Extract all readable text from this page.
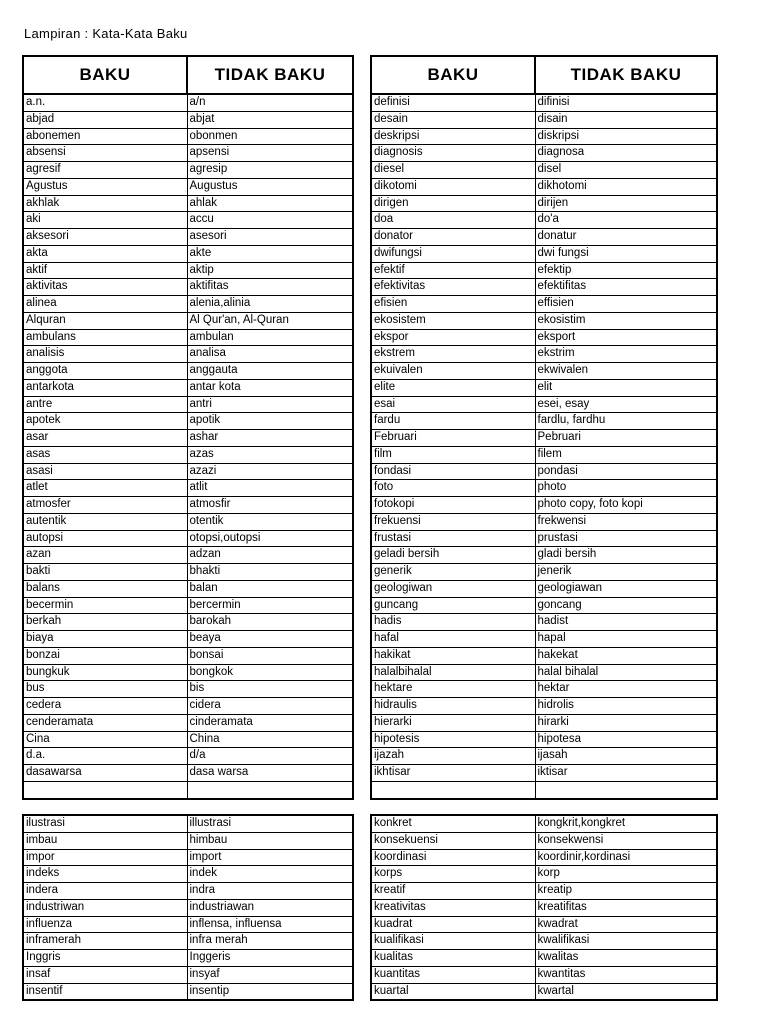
Lampiran : Kata-Kata Baku
BAKU	TIDAK BAKU
a.n.	a/n
abjad	abjat
abonemen	obonmen
absensi	apsensi
agresif	agresip
Agustus	Augustus
akhlak	ahlak
aki	accu
aksesori	asesori
akta	akte
aktif	aktip
aktivitas	aktifitas
alinea	alenia,alinia
Alquran	Al Qur'an, Al-Quran
ambulans	ambulan
analisis	analisa
anggota	anggauta
antarkota	antar kota
antre	antri
apotek	apotik
asar	ashar
asas	azas
asasi	azazi
atlet	atlit
atmosfer	atmosfir
autentik	otentik
autopsi	otopsi,outopsi
azan	adzan
bakti	bhakti
balans	balan
becermin	bercermin
berkah	barokah
biaya	beaya
bonzai	bonsai
bungkuk	bongkok
bus	bis
cedera	cidera
cenderamata	cinderamata
Cina	China
d.a.	d/a
dasawarsa	dasa warsa

BAKU	TIDAK BAKU
definisi	difinisi
desain	disain
deskripsi	diskripsi
diagnosis	diagnosa
diesel	disel
dikotomi	dikhotomi
dirigen	dirijen
doa	do'a
donator	donatur
dwifungsi	dwi fungsi
efektif	efektip
efektivitas	efektifitas
efisien	effisien
ekosistem	ekosistim
ekspor	eksport
ekstrem	ekstrim
ekuivalen	ekwivalen
elite	elit
esai	esei, esay
fardu	fardlu, fardhu
Februari	Pebruari
film	filem
fondasi	pondasi
foto	photo
fotokopi	photo copy, foto kopi
frekuensi	frekwensi
frustasi	prustasi
geladi bersih	gladi bersih
generik	jenerik
geologiwan	geologiawan
guncang	goncang
hadis	hadist
hafal	hapal
hakikat	hakekat
halalbihalal	halal bihalal
hektare	hektar
hidraulis	hidrolis
hierarki	hirarki
hipotesis	hipotesa
ijazah	ijasah
ikhtisar	iktisar

ilustrasi	illustrasi
imbau	himbau
impor	import
indeks	indek
indera	indra
industriwan	industriawan
influenza	inflensa, influensa
inframerah	infra merah
Inggris	Inggeris
insaf	insyaf
insentif	insentip
konkret	kongkrit,kongkret
konsekuensi	konsekwensi
koordinasi	koordinir,kordinasi
korps	korp
kreatif	kreatip
kreativitas	kreatifitas
kuadrat	kwadrat
kualifikasi	kwalifikasi
kualitas	kwalitas
kuantitas	kwantitas
kuartal	kwartal
